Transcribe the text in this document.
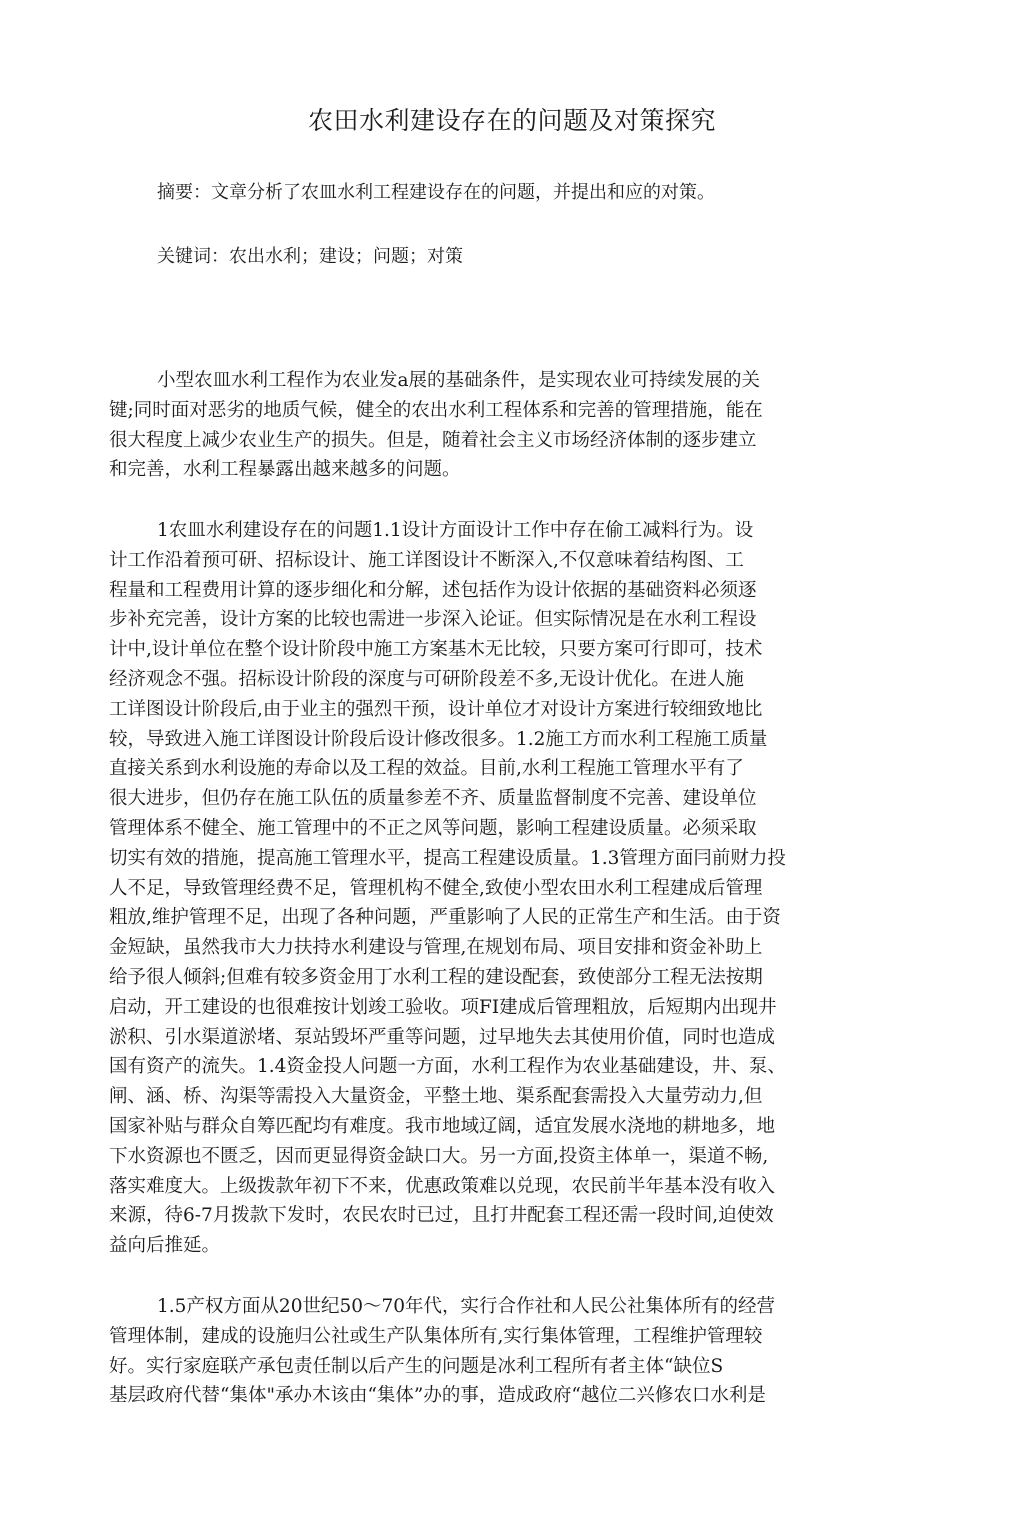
农田水利建设存在的问题及对策探究
摘要：文章分析了农皿水利工程建设存在的问题，并提出和应的对策。
关键词：农出水利；建设；问题；对策
小型农皿水利工程作为农业发a展的基础条件，是实现农业可持续发展的关
键;同时面对恶劣的地质气候，健全的农出水利工程体系和完善的管理措施，能在
很大程度上减少农业生产的损失。但是，随着社会主义市场经济体制的逐步建立
和完善，水利工程暴露出越来越多的问题。
1农皿水利建设存在的问题1.1设计方面设计工作中存在偷工减料行为。设
计工作沿着预可研、招标设计、施工详图设计不断深入,不仅意味着结构图、工
程量和工程费用计算的逐步细化和分解，述包括作为设计依据的基础资料必须逐
步补充完善，设计方案的比较也需进一步深入论证。但实际情况是在水利工程设
计中,设计单位在整个设计阶段中施工方案基木无比较，只要方案可行即可，技术
经济观念不强。招标设计阶段的深度与可研阶段差不多,无设计优化。在进人施
工详图设计阶段后,由于业主的强烈干预，设计单位才对设计方案进行较细致地比
较，导致进入施工详图设计阶段后设计修改很多。1.2施工方而水利工程施工质量
直接关系到水利设施的寿命以及工程的效益。目前,水利工程施工管理水平有了
很大进步，但仍存在施工队伍的质量参差不齐、质量监督制度不完善、建设单位
管理体系不健全、施工管理中的不正之风等问题，影响工程建设质量。必须采取
切实有效的措施，提高施工管理水平，提高工程建设质量。1.3管理方面冃前财力投
人不足，导致管理经费不足，管理机构不健全,致使小型农田水利工程建成后管理
粗放,维护管理不足，出现了各种问题，严重影响了人民的正常生产和生活。由于资
金短缺，虽然我市大力扶持水利建设与管理,在规划布局、项目安排和资金补助上
给予很人倾斜;但难有较多资金用丁水利工程的建设配套，致使部分工程无法按期
启动，开工建设的也很难按计划竣工验收。项FI建成后管理粗放，后短期内出现井
淤积、引水渠道淤堵、泵站毁坏严重等问题，过早地失去其使用价值，同时也造成
国有资产的流失。1.4资金投人问题一方面，水利工程作为农业基础建设，井、泵、
闸、涵、桥、沟渠等需投入大量资金，平整土地、渠系配套需投入大量劳动力,但
国家补贴与群众自筹匹配均有难度。我市地域辽阔，适宜发展水浇地的耕地多，地
下水资源也不匮乏，因而更显得资金缺口大。另一方面,投资主体单一，渠道不畅,
落实难度大。上级拨款年初下不来，优惠政策难以兑现，农民前半年基本没有收入
来源，待6-7月拨款下发时，农民农时已过，且打井配套工程还需一段时间,迫使效
益向后推延。
1.5产权方面从20世纪50～70年代，实行合作社和人民公社集体所有的经营
管理体制，建成的设施归公社或生产队集体所有,实行集体管理，工程维护管理较
好。实行家庭联产承包责任制以后产生的问题是冰利工程所有者主体“缺位S
基层政府代替“集体"承办木该由“集体”办的事，造成政府“越位二兴修农口水利是
